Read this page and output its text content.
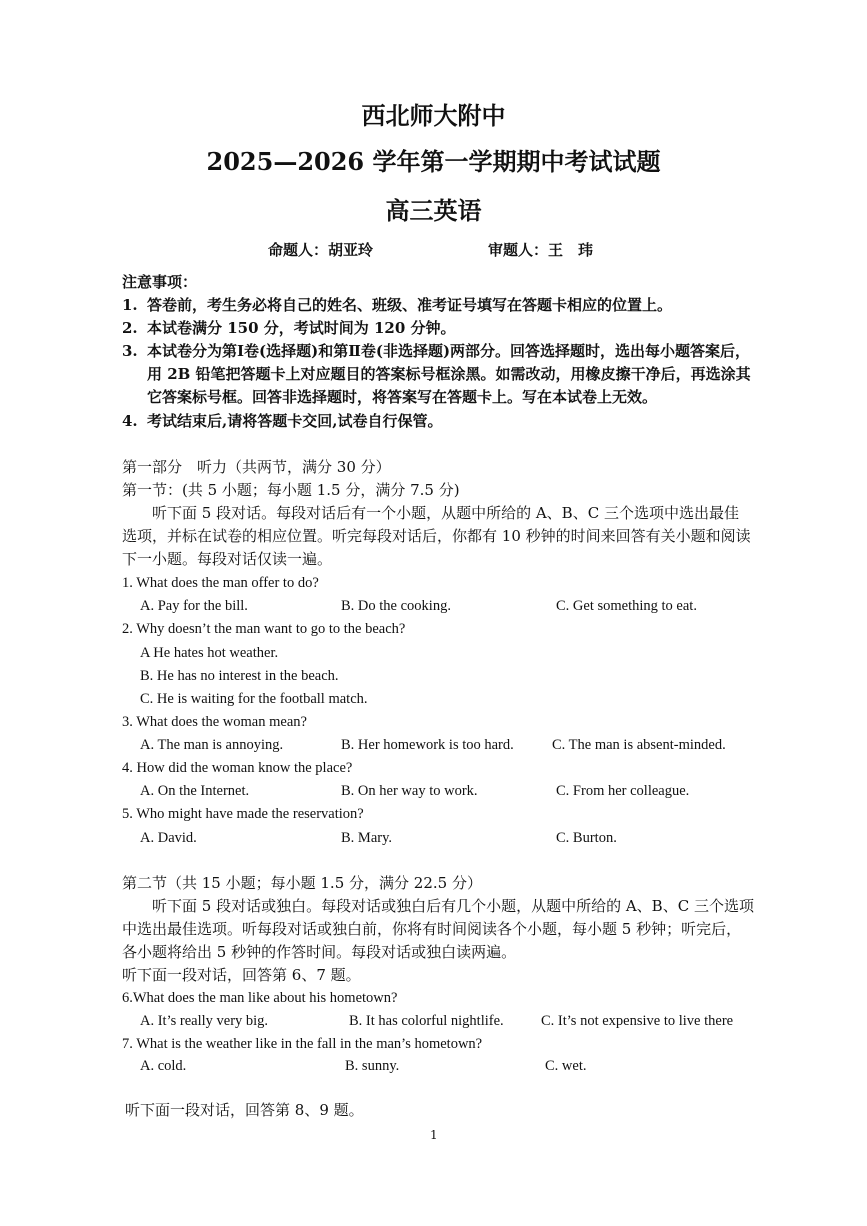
西北师大附中
2025—2026 学年第一学期期中考试试题
高三英语
命题人：胡亚玲	审题人：王　玮
注意事项：
1. 答卷前，考生务必将自己的姓名、班级、准考证号填写在答题卡相应的位置上。
2. 本试卷满分 150 分，考试时间为 120 分钟。
3. 本试卷分为第Ⅰ卷(选择题)和第Ⅱ卷(非选择题)两部分。回答选择题时，选出每小题答案后，
用 2B 铅笔把答题卡上对应题目的答案标号框涂黑。如需改动，用橡皮擦干净后，再选涂其
它答案标号框。回答非选择题时，将答案写在答题卡上。写在本试卷上无效。
4. 考试结束后,请将答题卡交回,试卷自行保管。
第一部分　听力（共两节，满分 30 分）
第一节：(共 5 小题；每小题 1.5 分，满分 7.5 分)
听下面 5 段对话。每段对话后有一个小题，从题中所给的 A、B、C 三个选项中选出最佳
选项，并标在试卷的相应位置。听完每段对话后，你都有 10 秒钟的时间来回答有关小题和阅读
下一小题。每段对话仅读一遍。
1. What does the man offer to do?
A. Pay for the bill.	B. Do the cooking.	C. Get something to eat.
2. Why doesn’t the man want to go to the beach?
A He hates hot weather.
B. He has no interest in the beach.
C. He is waiting for the football match.
3. What does the woman mean?
A. The man is annoying.	B. Her homework is too hard.	C. The man is absent-minded.
4. How did the woman know the place?
A. On the Internet.	B. On her way to work.	C. From her colleague.
5. Who might have made the reservation?
A. David.	B. Mary.	C. Burton.
第二节（共 15 小题；每小题 1.5 分，满分 22.5 分）
听下面 5 段对话或独白。每段对话或独白后有几个小题，从题中所给的 A、B、C 三个选项
中选出最佳选项。听每段对话或独白前，你将有时间阅读各个小题，每小题 5 秒钟；听完后，
各小题将给出 5 秒钟的作答时间。每段对话或独白读两遍。
听下面一段对话，回答第 6、7 题。
6.What does the man like about his hometown?
A. It’s really very big.	B. It has colorful nightlife.	C. It’s not expensive to live there
7. What is the weather like in the fall in the man’s hometown?
A. cold.	B. sunny.	C. wet.
听下面一段对话，回答第 8、9 题。
1
